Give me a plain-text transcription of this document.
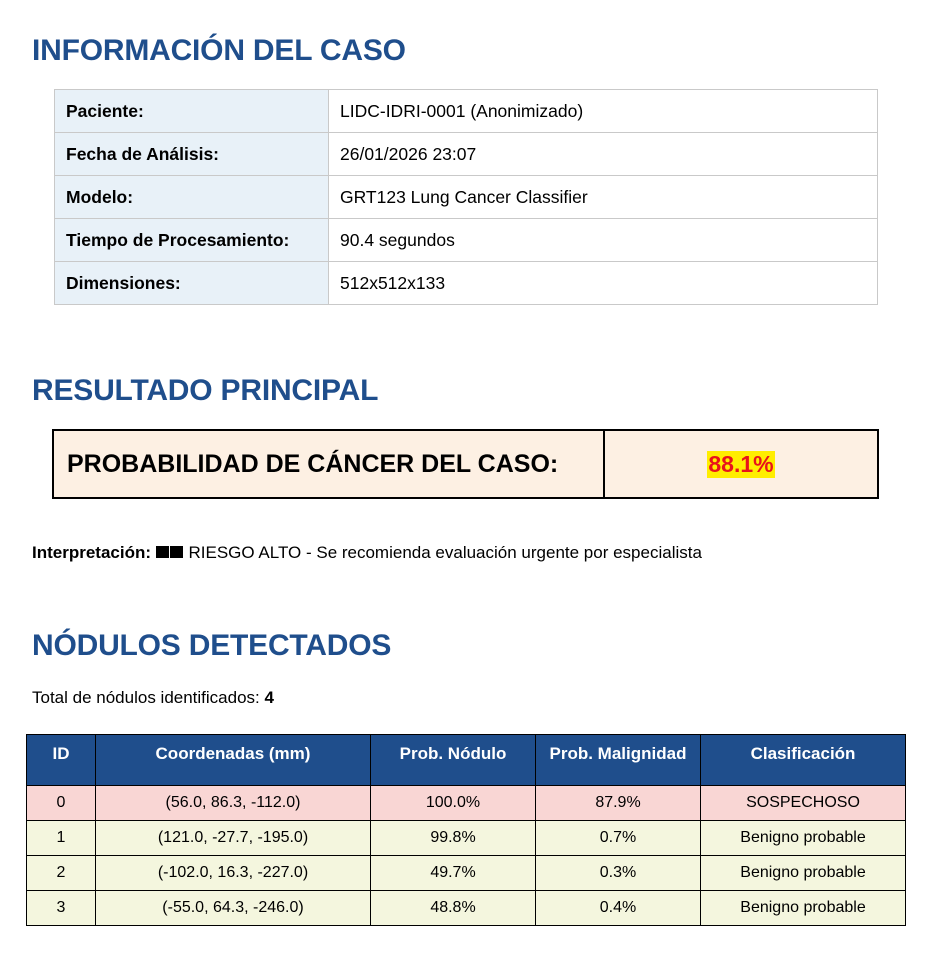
INFORMACIÓN DEL CASO
Paciente:	LIDC-IDRI-0001 (Anonimizado)
Fecha de Análisis:	26/01/2026 23:07
Modelo:	GRT123 Lung Cancer Classifier
Tiempo de Procesamiento:	90.4 segundos
Dimensiones:	512x512x133
RESULTADO PRINCIPAL
PROBABILIDAD DE CÁNCER DEL CASO:	88.1%
Interpretación: RIESGO ALTO - Se recomienda evaluación urgente por especialista
NÓDULOS DETECTADOS
Total de nódulos identificados: 4
ID	Coordenadas (mm)	Prob. Nódulo	Prob. Malignidad	Clasificación
0	(56.0, 86.3, -112.0)	100.0%	87.9%	SOSPECHOSO
1	(121.0, -27.7, -195.0)	99.8%	0.7%	Benigno probable
2	(-102.0, 16.3, -227.0)	49.7%	0.3%	Benigno probable
3	(-55.0, 64.3, -246.0)	48.8%	0.4%	Benigno probable
